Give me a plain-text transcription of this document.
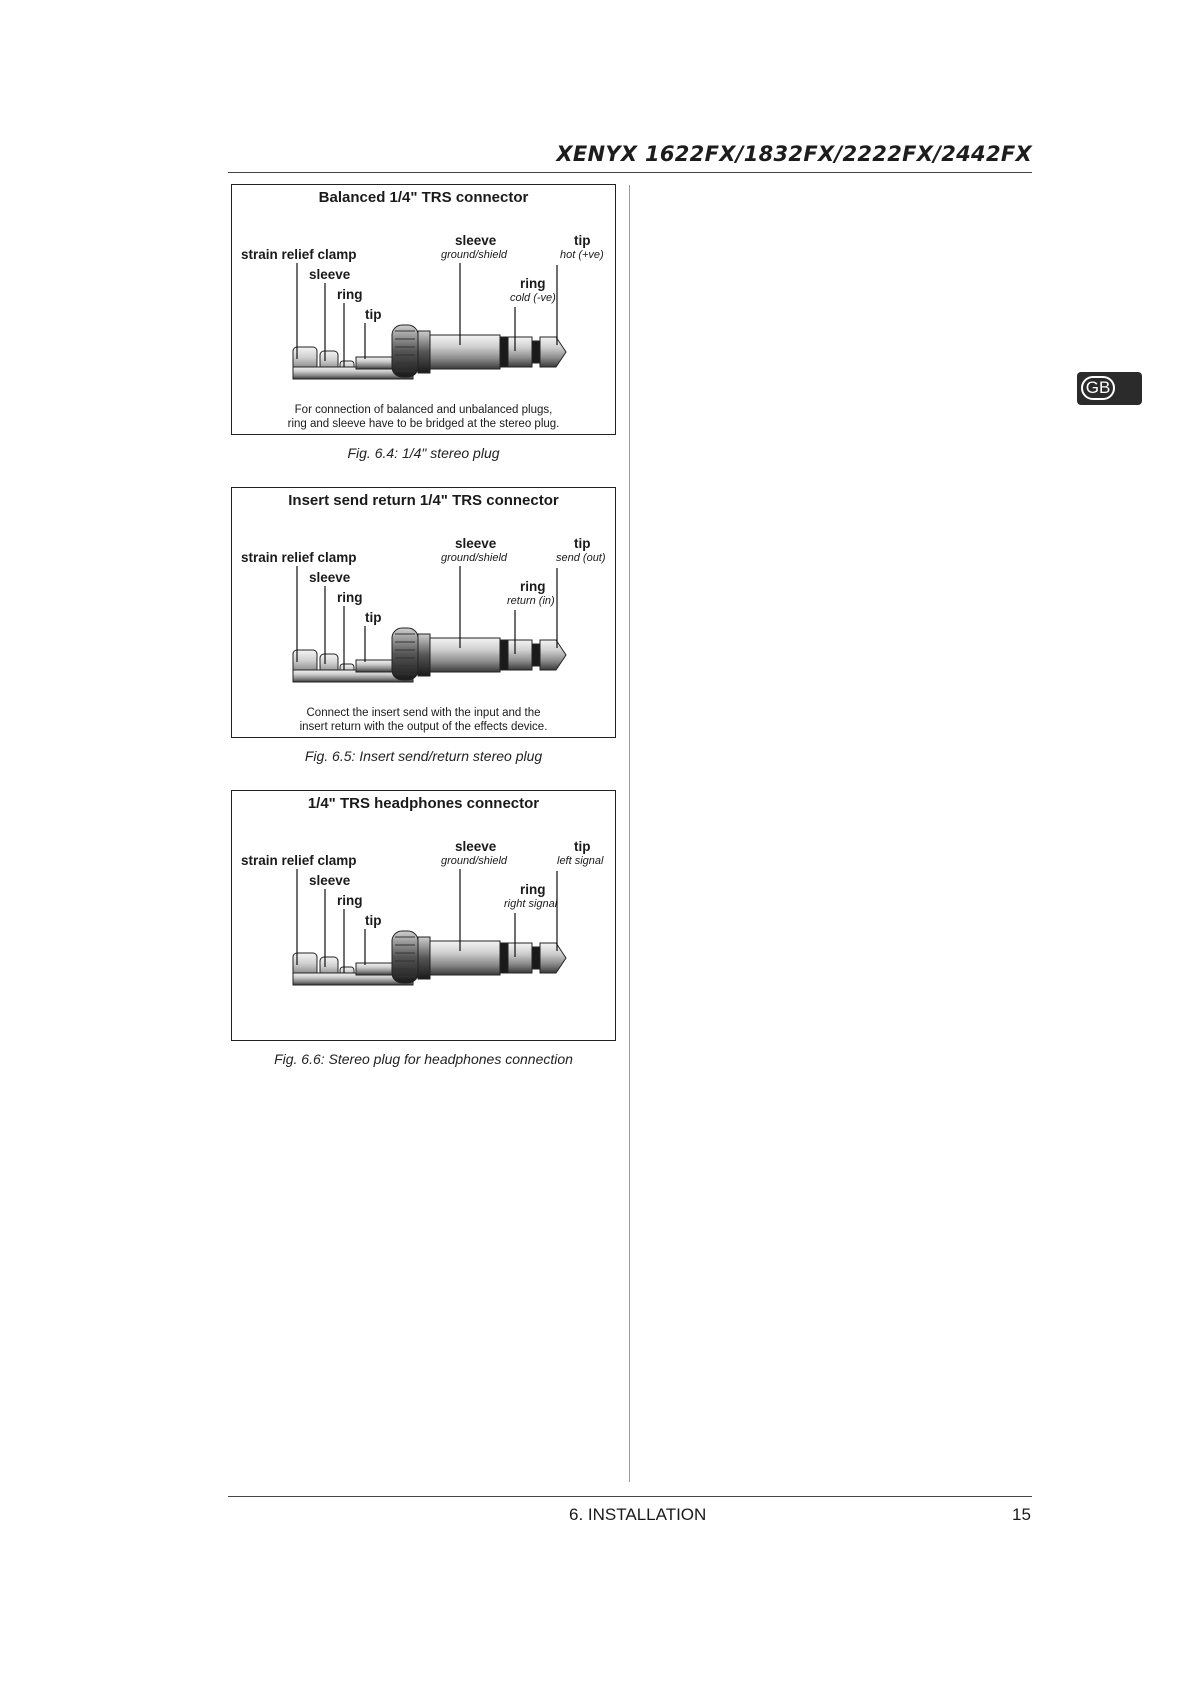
XENYX 1622FX/1832FX/2222FX/2442FX
GB
Balanced 1/4" TRS connector
strain relief clamp
sleeve
ring
tip
sleeve
ground/shield
tip
hot (+ve)
ring
cold (-ve)
For connection of balanced and unbalanced plugs,
ring and sleeve have to be bridged at the stereo plug.
Fig. 6.4: 1/4" stereo plug
Insert send return 1/4" TRS connector
strain relief clamp
sleeve
ring
tip
sleeve
ground/shield
tip
send (out)
ring
return (in)
Connect the insert send with the input and the
insert return with the output of the effects device.
Fig. 6.5: Insert send/return stereo plug
1/4" TRS headphones connector
strain relief clamp
sleeve
ring
tip
sleeve
ground/shield
tip
left signal
ring
right signal
Fig. 6.6: Stereo plug for headphones connection
6. INSTALLATION	15
